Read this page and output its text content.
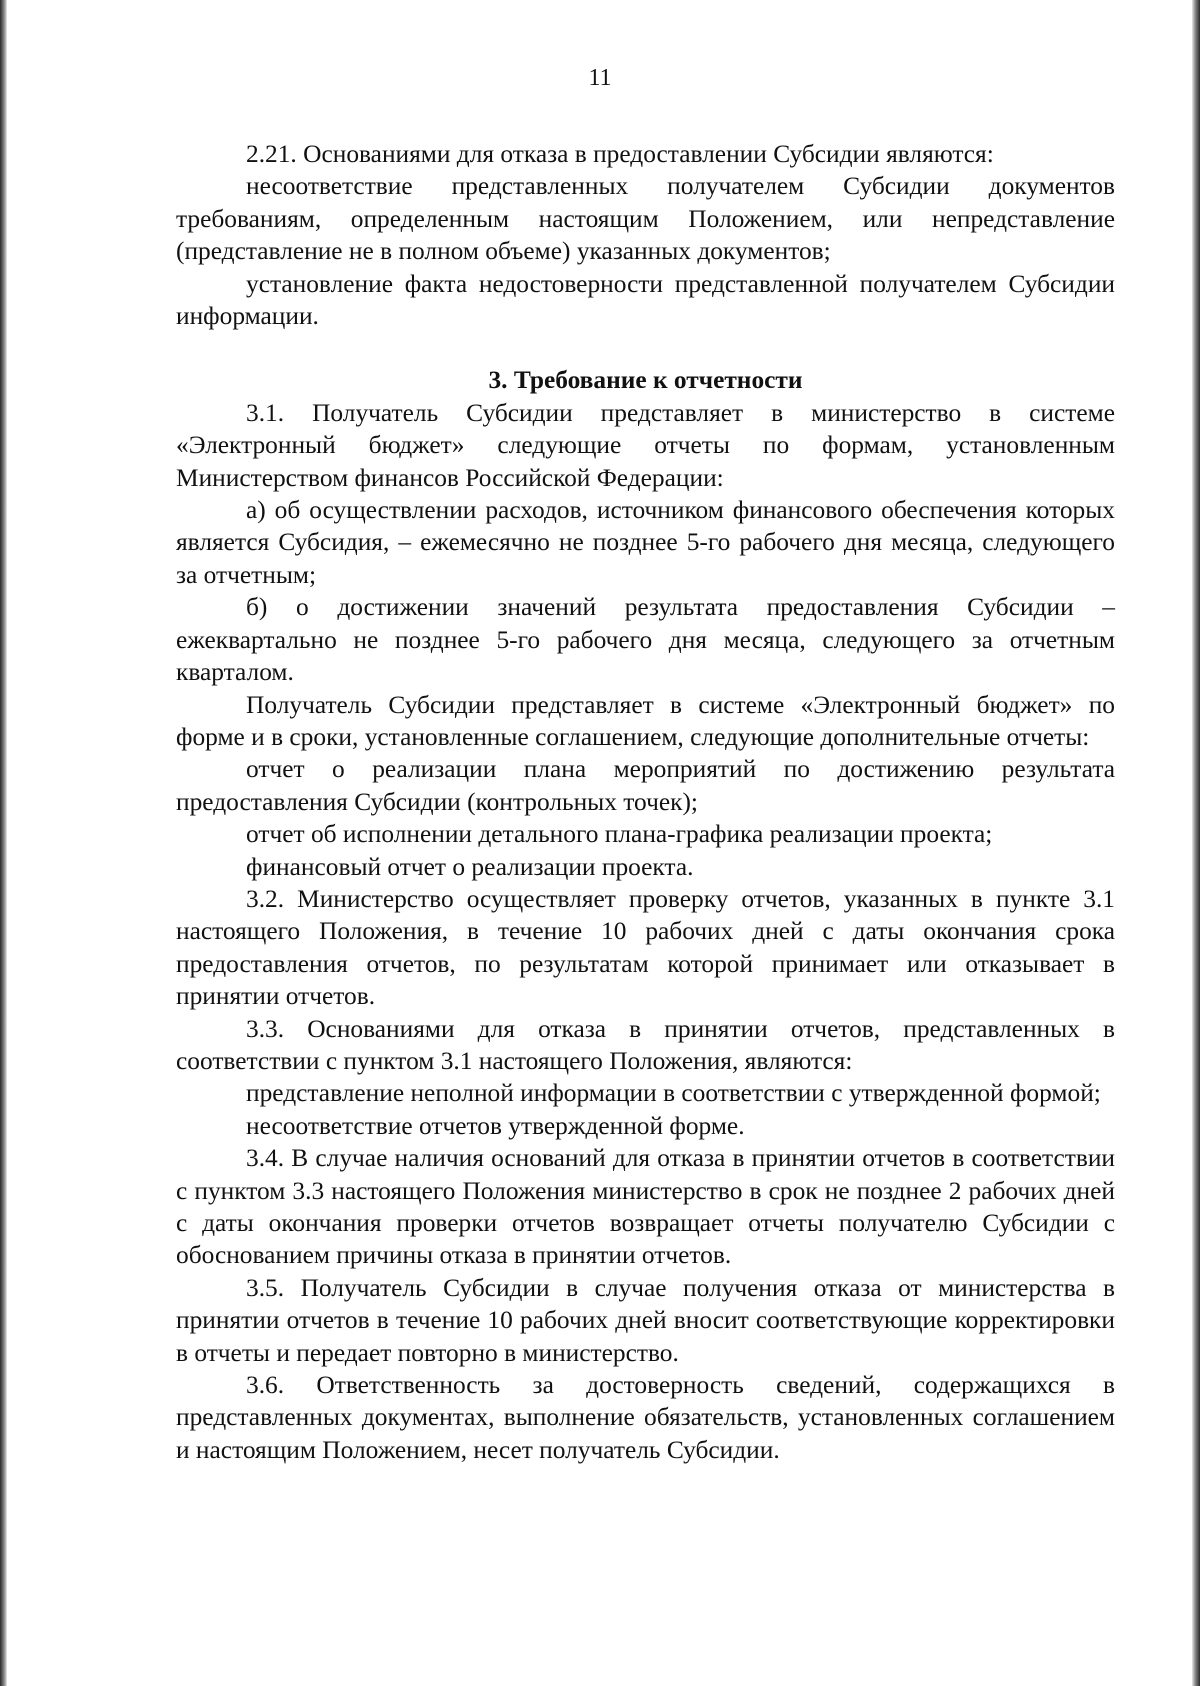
11

2.21. Основаниями для отказа в предоставлении Субсидии являются:

несоответствие представленных получателем Субсидии документов требованиям, определенным настоящим Положением, или непредставление (представление не в полном объеме) указанных документов;

установление факта недостоверности представленной получателем Субсидии информации.

3. Требование к отчетности

3.1. Получатель Субсидии представляет в министерство в системе «Электронный бюджет» следующие отчеты по формам, установленным Министерством финансов Российской Федерации:

а) об осуществлении расходов, источником финансового обеспечения которых является Субсидия, – ежемесячно не позднее 5-го рабочего дня месяца, следующего за отчетным;

б) о достижении значений результата предоставления Субсидии – ежеквартально не позднее 5-го рабочего дня месяца, следующего за отчетным кварталом.

Получатель Субсидии представляет в системе «Электронный бюджет» по форме и в сроки, установленные соглашением, следующие дополнительные отчеты:

отчет о реализации плана мероприятий по достижению результата предоставления Субсидии (контрольных точек);

отчет об исполнении детального плана-графика реализации проекта;

финансовый отчет о реализации проекта.

3.2. Министерство осуществляет проверку отчетов, указанных в пункте 3.1 настоящего Положения, в течение 10 рабочих дней с даты окончания срока предоставления отчетов, по результатам которой принимает или отказывает в принятии отчетов.

3.3. Основаниями для отказа в принятии отчетов, представленных в соответствии с пунктом 3.1 настоящего Положения, являются:

представление неполной информации в соответствии с утвержденной формой;

несоответствие отчетов утвержденной форме.

3.4. В случае наличия оснований для отказа в принятии отчетов в соответствии с пунктом 3.3 настоящего Положения министерство в срок не позднее 2 рабочих дней с даты окончания проверки отчетов возвращает отчеты получателю Субсидии с обоснованием причины отказа в принятии отчетов.

3.5. Получатель Субсидии в случае получения отказа от министерства в принятии отчетов в течение 10 рабочих дней вносит соответствующие корректировки в отчеты и передает повторно в министерство.

3.6. Ответственность за достоверность сведений, содержащихся в представленных документах, выполнение обязательств, установленных соглашением и настоящим Положением, несет получатель Субсидии.
